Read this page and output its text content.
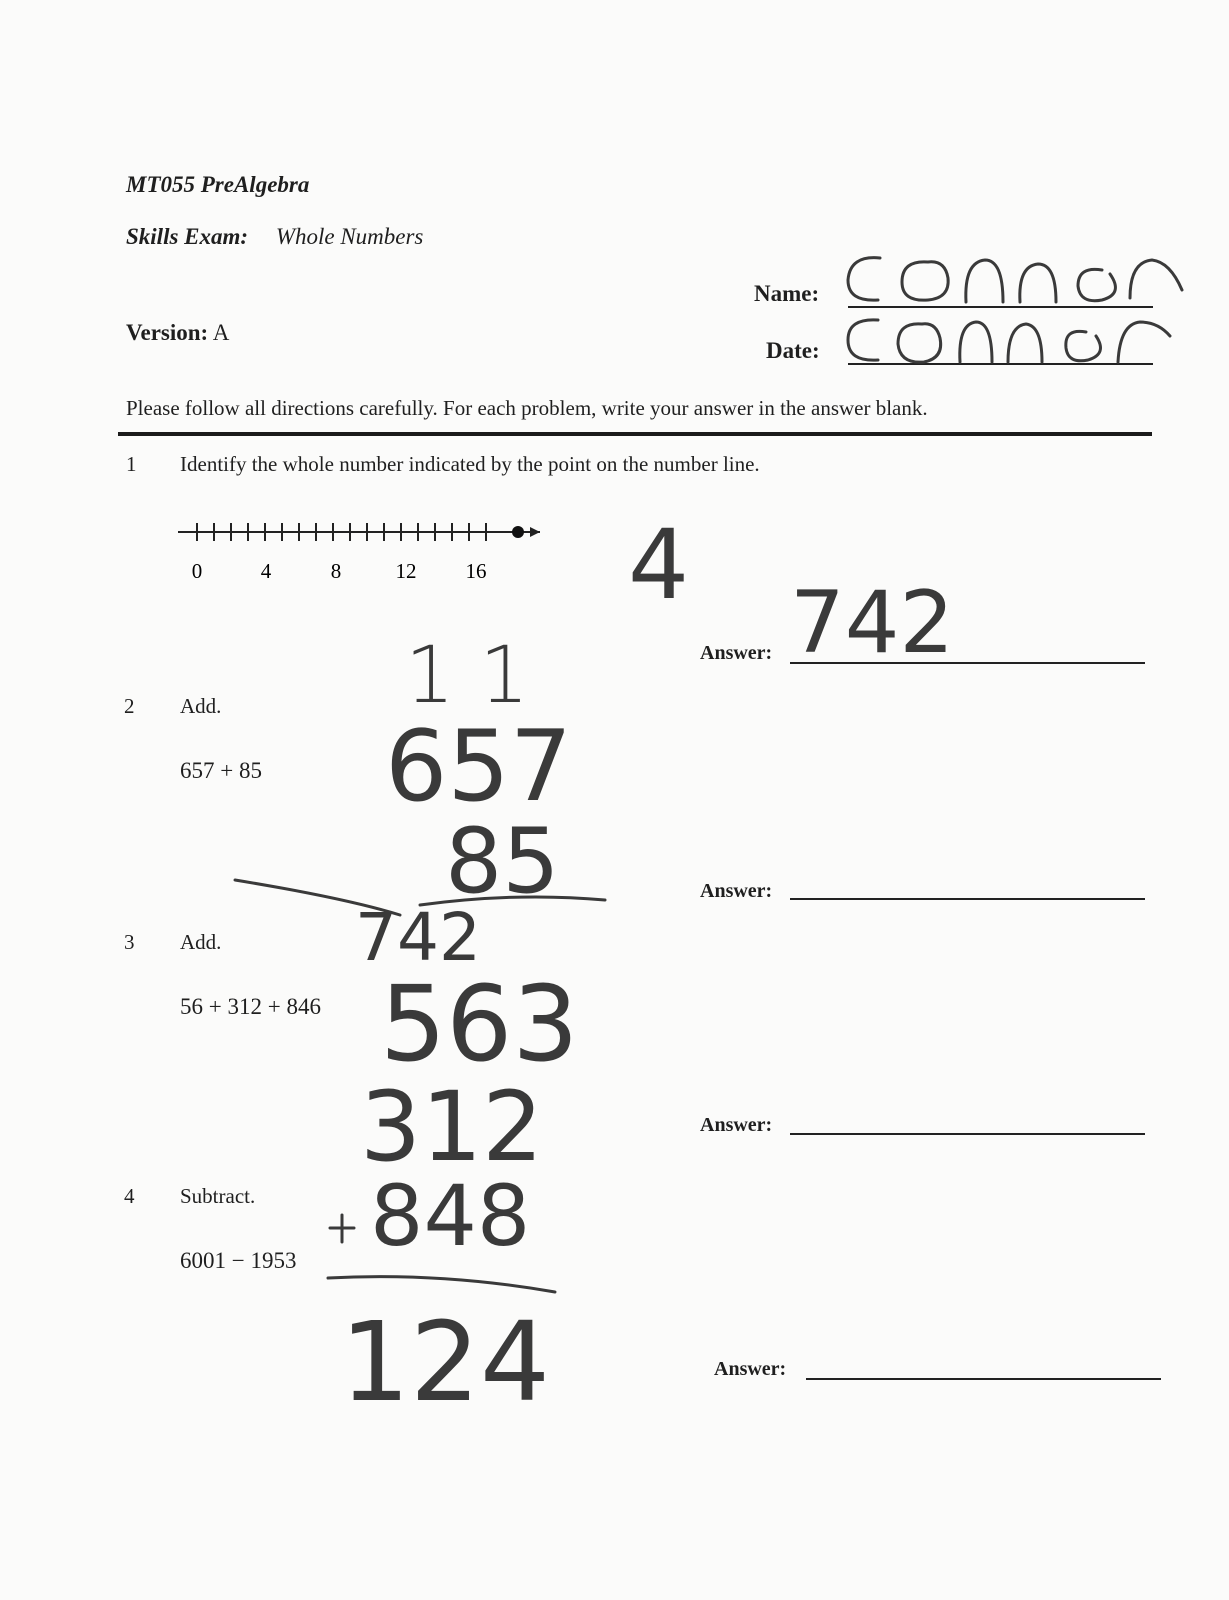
MT055 PreAlgebra
Skills Exam: Whole Numbers
Version: A
Name:
Date:
Please follow all directions carefully. For each problem, write your answer in the answer blank.
1 Identify the whole number indicated by the point on the number line.
0	4	8	12 16 4
Answer: 742
2 Add.
657 + 85
1 1
657
85
742
Answer:
3 Add.
56 + 312 + 846 563
312
848
124
Answer:
4 Subtract.
6001 − 1953
Answer:
